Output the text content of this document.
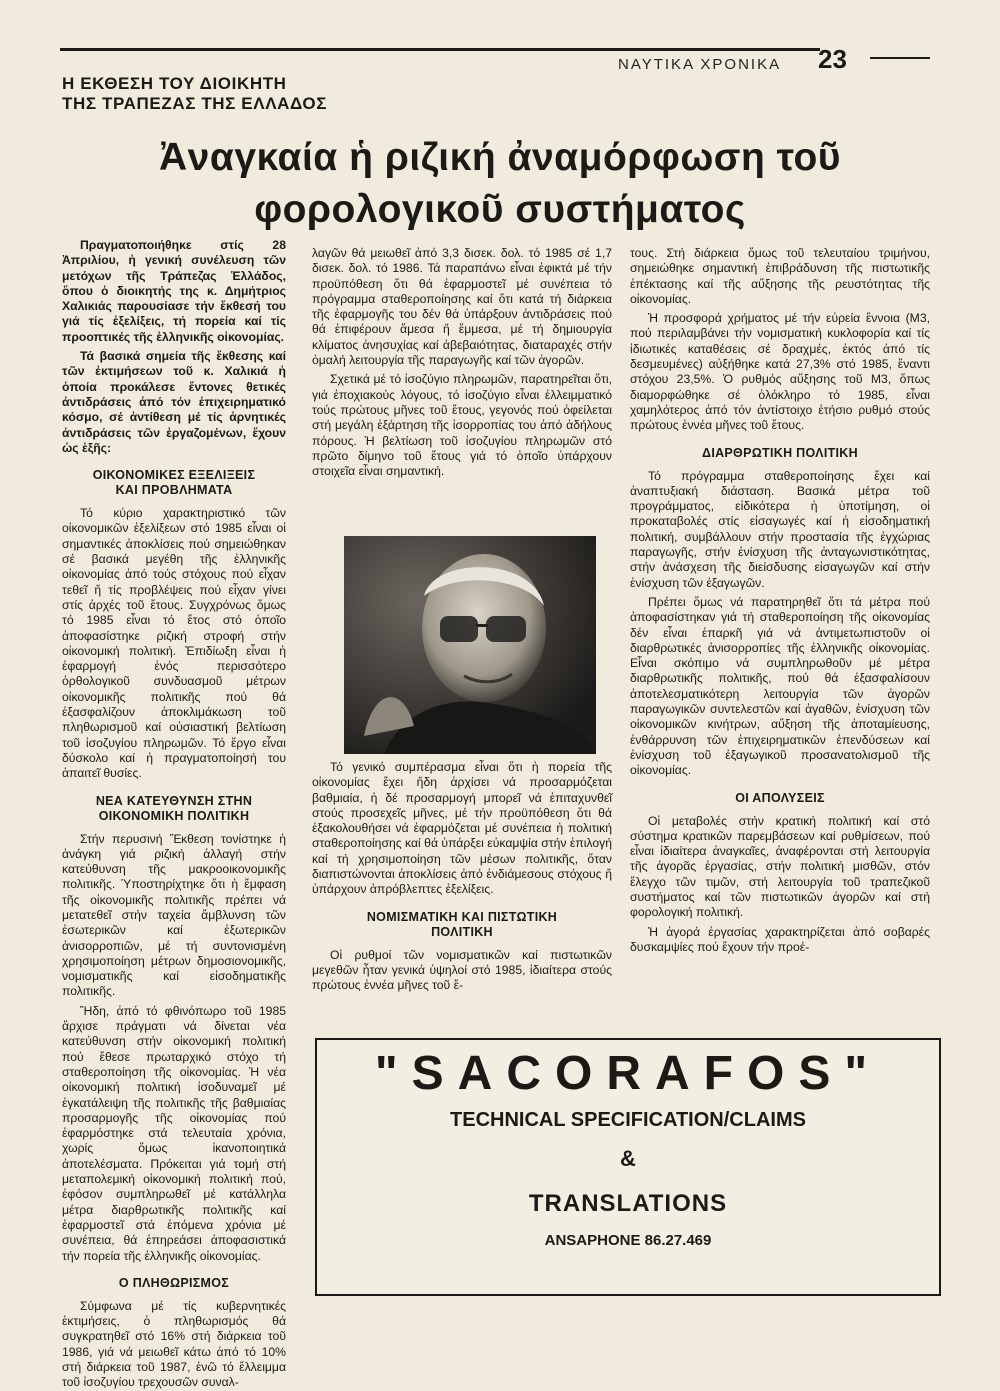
ΝΑΥΤΙΚΑ ΧΡΟΝΙΚΑ 23
Η ΕΚΘΕΣΗ ΤΟΥ ΔΙΟΙΚΗΤΗ
ΤΗΣ ΤΡΑΠΕΖΑΣ ΤΗΣ ΕΛΛΑΔΟΣ
Ἀναγκαία ἡ ριζική ἀναμόρφωση τοῦ
φορολογικοῦ συστήματος

Πραγματοποιήθηκε στίς 28 Ἀπριλίου, ἡ γενική συνέλευση τῶν μετόχων τῆς Τράπεζας Ἑλλάδος, ὅπου ὁ διοικητής της κ. Δημήτριος Χαλικιάς παρουσίασε τήν ἔκθεσή του γιά τίς ἐξελίξεις, τή πορεία καί τίς προοπτικές τῆς ἑλληνικῆς οἰκονομίας.

Τά βασικά σημεία τῆς ἔκθεσης καί τῶν ἐκτιμήσεων τοῦ κ. Χαλικιά ἡ ὁποία προκάλεσε ἔντονες θετικές ἀντιδράσεις ἀπό τόν ἐπιχειρηματικό κόσμο, σέ ἀντίθεση μέ τίς ἀρνητικές ἀντιδράσεις τῶν ἐργαζομένων, ἔχουν ὡς ἑξῆς:

ΟΙΚΟΝΟΜΙΚΕΣ ΕΞΕΛΙΞΕΙΣ
ΚΑΙ ΠΡΟΒΛΗΜΑΤΑ

Τό κύριο χαρακτηριστικό τῶν οἰκονομικῶν ἐξελίξεων στό 1985 εἶναι οἱ σημαντικές ἀποκλίσεις πού σημειώθηκαν σέ βασικά μεγέθη τῆς ἑλληνικῆς οἰκονομίας ἀπό τούς στόχους πού εἶχαν τεθεῖ ἤ τίς προβλέψεις πού εἶχαν γίνει στίς ἀρχές τοῦ ἔτους. Συγχρόνως ὅμως τό 1985 εἶναι τό ἔτος στό ὁποῖο ἀποφασίστηκε ριζική στροφή στήν οἰκονομική πολιτική. Ἐπιδίωξη εἶναι ἡ ἐφαρμογή ἑνός περισσότερο ὀρθολογικοῦ συνδυασμοῦ μέτρων οἰκονομικῆς πολιτικῆς πού θά ἐξασφαλίζουν ἀποκλιμάκωση τοῦ πληθωρισμοῦ καί οὐσιαστική βελτίωση τοῦ ἰσοζυγίου πληρωμῶν. Τό ἔργο εἶναι δύσκολο καί ἡ πραγματοποίησή του ἀπαιτεῖ θυσίες.

ΝΕΑ ΚΑΤΕΥΘΥΝΣΗ ΣΤΗΝ
ΟΙΚΟΝΟΜΙΚΗ ΠΟΛΙΤΙΚΗ

Στήν περυσινή Ἔκθεση τονίστηκε ἡ ἀνάγκη γιά ριζική ἀλλαγή στήν κατεύθυνση τῆς μακροοικονομικῆς πολιτικῆς. Ὑποστηρίχτηκε ὅτι ἡ ἔμφαση τῆς οἰκονομικῆς πολιτικῆς πρέπει νά μετατεθεῖ στήν ταχεία ἄμβλυνση τῶν ἐσωτερικῶν καί ἐξωτερικῶν ἀνισορροπιῶν, μέ τή συντονισμένη χρησιμοποίηση μέτρων δημοσιονομικῆς, νομισματικῆς καί εἰσοδηματικῆς πολιτικῆς.

Ἤδη, ἀπό τό φθινόπωρο τοῦ 1985 ἄρχισε πράγματι νά δίνεται νέα κατεύθυνση στήν οἰκονομική πολιτική πού ἔθεσε πρωταρχικό στόχο τή σταθεροποίηση τῆς οἰκονομίας. Ἡ νέα οἰκονομική πολιτική ἰσοδυναμεῖ μέ ἐγκατάλειψη τῆς πολιτικῆς τῆς βαθμιαίας προσαρμογῆς τῆς οἰκονομίας πού ἐφαρμόστηκε στά τελευταία χρόνια, χωρίς ὅμως ἱκανοποιητικά ἀποτελέσματα. Πρόκειται γιά τομή στή μεταπολεμική οἰκονομική πολιτική πού, ἐφόσον συμπληρωθεῖ μέ κατάλληλα μέτρα διαρθρωτικῆς πολιτικῆς καί ἐφαρμοστεῖ στά ἑπόμενα χρόνια μέ συνέπεια, θά ἐπηρεάσει ἀποφασιστικά τήν πορεία τῆς ἑλληνικῆς οἰκονομίας.

Ο ΠΛΗΘΩΡΙΣΜΟΣ

Σύμφωνα μέ τίς κυβερνητικές ἐκτιμήσεις, ὁ πληθωρισμός θά συγκρατηθεῖ στό 16% στή διάρκεια τοῦ 1986, γιά νά μειωθεῖ κάτω ἀπό τό 10% στή διάρκεια τοῦ 1987, ἐνῶ τό ἔλλειμμα τοῦ ἰσοζυγίου τρεχουσῶν συναλ-

λαγῶν θά μειωθεῖ ἀπό 3,3 δισεκ. δολ. τό 1985 σέ 1,7 δισεκ. δολ. τό 1986. Τά παραπάνω εἶναι ἐφικτά μέ τήν προϋπόθεση ὅτι θά ἐφαρμοστεῖ μέ συνέπεια τό πρόγραμμα σταθεροποίησης καί ὅτι κατά τή διάρκεια τῆς ἐφαρμογῆς του δέν θά ὑπάρξουν ἀντιδράσεις πού θά ἐπιφέρουν ἄμεσα ἤ ἔμμεσα, μέ τή δημιουργία κλίματος ἀνησυχίας καί ἀβεβαιότητας, διαταραχές στήν ὁμαλή λειτουργία τῆς παραγωγῆς καί τῶν ἀγορῶν.

Σχετικά μέ τό ἰσοζύγιο πληρωμῶν, παρατηρεῖται ὅτι, γιά ἐποχιακούς λόγους, τό ἰσοζύγιο εἶναι ἐλλειμματικό τούς πρώτους μῆνες τοῦ ἔτους, γεγονός πού ὀφείλεται στή μεγάλη ἐξάρτηση τῆς ἰσορροπίας του ἀπό ἀδήλους πόρους. Ἡ βελτίωση τοῦ ἰσοζυγίου πληρωμῶν στό πρῶτο δίμηνο τοῦ ἔτους γιά τό ὁποῖο ὑπάρχουν στοιχεῖα εἶναι σημαντική.

Τό γενικό συμπέρασμα εἶναι ὅτι ἡ πορεία τῆς οἰκονομίας ἔχει ἤδη ἀρχίσει νά προσαρμόζεται βαθμιαία, ἡ δέ προσαρμογή μπορεῖ νά ἐπιταχυνθεῖ στούς προσεχεῖς μῆνες, μέ τήν προϋπόθεση ὅτι θά ἐξακολουθήσει νά ἐφαρμόζεται μέ συνέπεια ἡ πολιτική σταθεροποίησης καί θά ὑπάρξει εὐκαμψία στήν ἐπιλογή καί τή χρησιμοποίηση τῶν μέσων πολιτικῆς, ὅταν διαπιστώνονται ἀποκλίσεις ἀπό ἐνδιάμεσους στόχους ἤ ὑπάρχουν ἀπρόβλεπτες ἐξελίξεις.

ΝΟΜΙΣΜΑΤΙΚΗ ΚΑΙ ΠΙΣΤΩΤΙΚΗ
ΠΟΛΙΤΙΚΗ

Οἱ ρυθμοί τῶν νομισματικῶν καί πιστωτικῶν μεγεθῶν ἦταν γενικά ὑψηλοί στό 1985, ἰδιαίτερα στούς πρώτους ἐννέα μῆνες τοῦ ἔ-

τους. Στή διάρκεια ὅμως τοῦ τελευταίου τριμήνου, σημειώθηκε σημαντική ἐπιβράδυνση τῆς πιστωτικῆς ἐπέκτασης καί τῆς αὔξησης τῆς ρευστότητας τῆς οἰκονομίας.

Ἡ προσφορά χρήματος μέ τήν εὐρεία ἔννοια (Μ3, πού περιλαμβάνει τήν νομισματική κυκλοφορία καί τίς ἰδιωτικές καταθέσεις σέ δραχμές, ἐκτός ἀπό τίς δεσμευμένες) αὐξήθηκε κατά 27,3% στό 1985, ἔναντι στόχου 23,5%. Ὁ ρυθμός αὔξησης τοῦ Μ3, ὅπως διαμορφώθηκε σέ ὁλόκληρο τό 1985, εἶναι χαμηλότερος ἀπό τόν ἀντίστοιχο ἐτήσιο ρυθμό στούς πρώτους ἐννέα μῆνες τοῦ ἔτους.

ΔΙΑΡΘΡΩΤΙΚΗ ΠΟΛΙΤΙΚΗ

Τό πρόγραμμα σταθεροποίησης ἔχει καί ἀναπτυξιακή διάσταση. Βασικά μέτρα τοῦ προγράμματος, εἰδικότερα ἡ ὑποτίμηση, οἱ προκαταβολές στίς εἰσαγωγές καί ἡ εἰσοδηματική πολιτική, συμβάλλουν στήν προστασία τῆς ἐγχώριας παραγωγῆς, στήν ἐνίσχυση τῆς ἀνταγωνιστικότητας, στήν ἀνάσχεση τῆς διείσδυσης εἰσαγωγῶν καί στήν ἐνίσχυση τῶν ἐξαγωγῶν.

Πρέπει ὅμως νά παρατηρηθεῖ ὅτι τά μέτρα πού ἀποφασίστηκαν γιά τή σταθεροποίηση τῆς οἰκονομίας δέν εἶναι ἐπαρκῆ γιά νά ἀντιμετωπιστοῦν οἱ διαρθρωτικές ἀνισορροπίες τῆς ἑλληνικῆς οἰκονομίας. Εἶναι σκόπιμο νά συμπληρωθοῦν μέ μέτρα διαρθρωτικῆς πολιτικῆς, πού θά ἐξασφαλίσουν ἀποτελεσματικότερη λειτουργία τῶν ἀγορῶν παραγωγικῶν συντελεστῶν καί ἀγαθῶν, ἐνίσχυση τῶν οἰκονομικῶν κινήτρων, αὔξηση τῆς ἀποταμίευσης, ἐνθάρρυνση τῶν ἐπιχειρηματικῶν ἐπενδύσεων καί ἐνίσχυση τοῦ ἐξαγωγικοῦ προσανατολισμοῦ τῆς οἰκονομίας.

ΟΙ ΑΠΟΛΥΣΕΙΣ

Οἱ μεταβολές στήν κρατική πολιτική καί στό σύστημα κρατικῶν παρεμβάσεων καί ρυθμίσεων, πού εἶναι ἰδιαίτερα ἀναγκαῖες, ἀναφέρονται στή λειτουργία τῆς ἀγορᾶς ἐργασίας, στήν πολιτική μισθῶν, στόν ἔλεγχο τῶν τιμῶν, στή λειτουργία τοῦ τραπεζικοῦ συστήματος καί τῶν πιστωτικῶν ἀγορῶν καί στή φορολογική πολιτική.

Ἡ ἀγορά ἐργασίας χαρακτηρίζεται ἀπό σοβαρές δυσκαμψίες πού ἔχουν τήν προέ-

"SACORAFOS"
TECHNICAL SPECIFICATION/CLAIMS
&
TRANSLATIONS
ANSAPHONE 86.27.469
